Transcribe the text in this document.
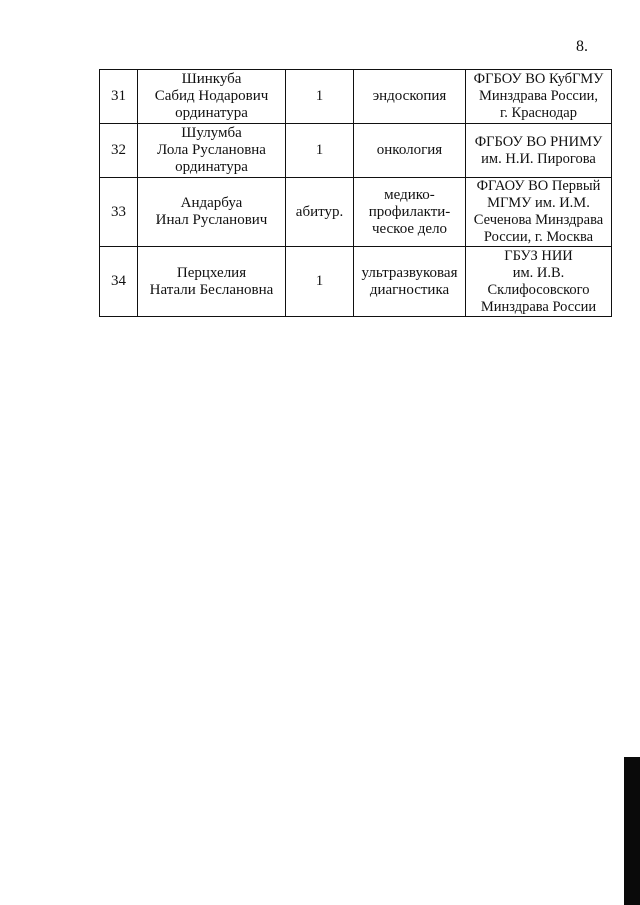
8.
31	Шинкуба
Сабид Нодарович
ординатура	1	эндоскопия	ФГБОУ ВО КубГМУ
Минздрава России,
г. Краснодар

32	Шулумба
Лола Руслановна
ординатура	1	онкология	ФГБОУ ВО РНИМУ
им. Н.И. Пирогова

33	Андарбуа
Инал Русланович	абитур.	медико-
профилакти-
ческое дело	ФГАОУ ВО Первый
МГМУ им. И.М.
Сеченова Минздрава
России, г. Москва

34	Перцхелия
Натали Беслановна	1	ультразвуковая
диагностика	ГБУЗ НИИ
им. И.В.
Склифосовского
Минздрава России
